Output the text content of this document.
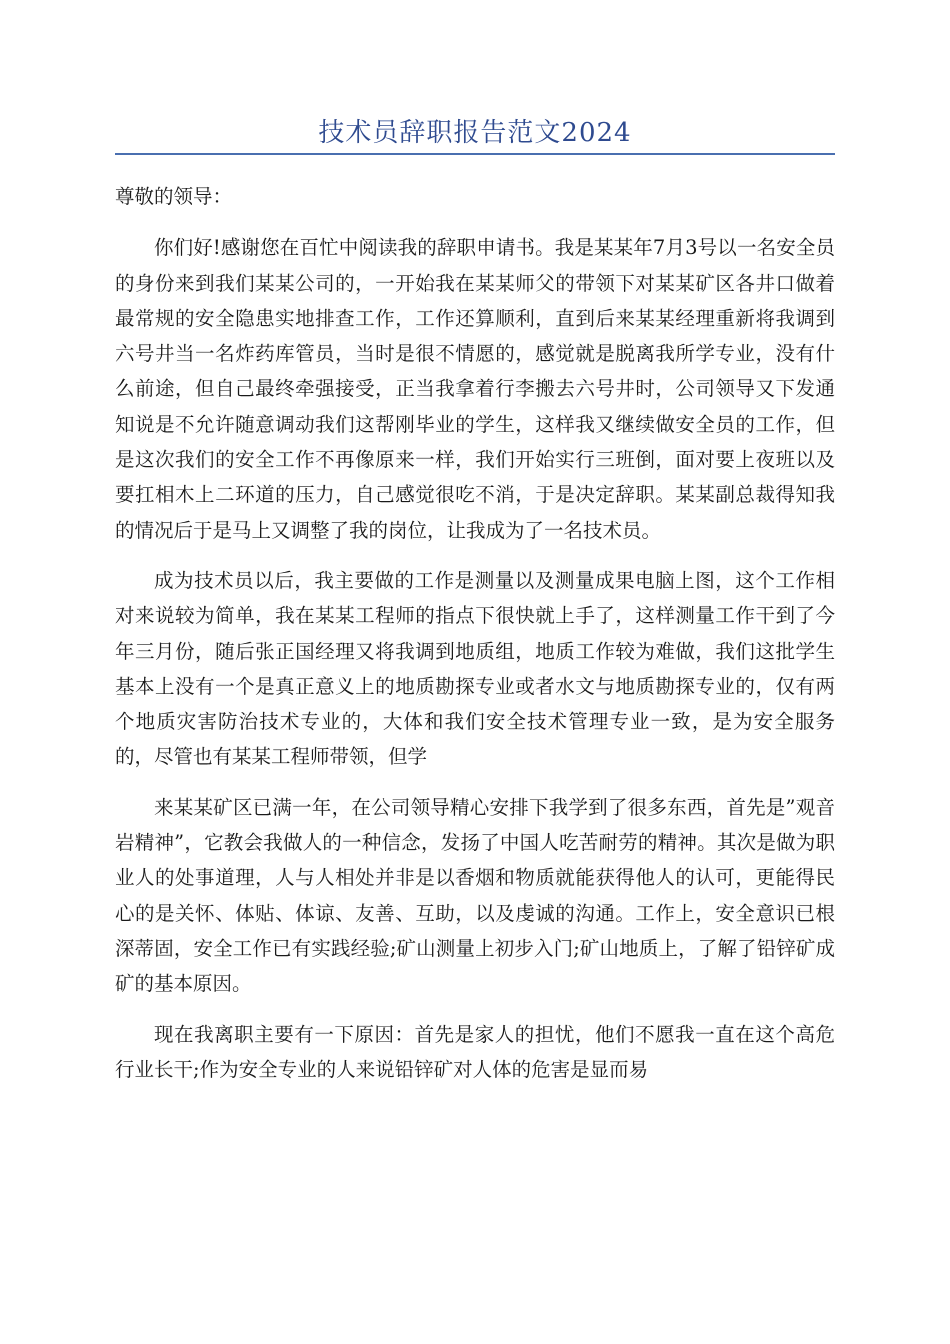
技术员辞职报告范文2024

尊敬的领导：

你们好!感谢您在百忙中阅读我的辞职申请书。我是某某年7月3号以一名安全员的身份来到我们某某公司的，一开始我在某某师父的带领下对某某矿区各井口做着最常规的安全隐患实地排查工作，工作还算顺利，直到后来某某经理重新将我调到六号井当一名炸药库管员，当时是很不情愿的，感觉就是脱离我所学专业，没有什么前途，但自己最终牵强接受，正当我拿着行李搬去六号井时，公司领导又下发通知说是不允许随意调动我们这帮刚毕业的学生，这样我又继续做安全员的工作，但是这次我们的安全工作不再像原来一样，我们开始实行三班倒，面对要上夜班以及要扛相木上二环道的压力，自己感觉很吃不消，于是决定辞职。某某副总裁得知我的情况后于是马上又调整了我的岗位，让我成为了一名技术员。

成为技术员以后，我主要做的工作是测量以及测量成果电脑上图，这个工作相对来说较为简单，我在某某工程师的指点下很快就上手了，这样测量工作干到了今年三月份，随后张正国经理又将我调到地质组，地质工作较为难做，我们这批学生基本上没有一个是真正意义上的地质勘探专业或者水文与地质勘探专业的，仅有两个地质灾害防治技术专业的，大体和我们安全技术管理专业一致，是为安全服务的，尽管也有某某工程师带领，但学

来某某矿区已满一年，在公司领导精心安排下我学到了很多东西，首先是”观音岩精神”，它教会我做人的一种信念，发扬了中国人吃苦耐劳的精神。其次是做为职业人的处事道理，人与人相处并非是以香烟和物质就能获得他人的认可，更能得民心的是关怀、体贴、体谅、友善、互助，以及虔诚的沟通。工作上，安全意识已根深蒂固，安全工作已有实践经验;矿山测量上初步入门;矿山地质上，了解了铅锌矿成矿的基本原因。

现在我离职主要有一下原因：首先是家人的担忧，他们不愿我一直在这个高危行业长干;作为安全专业的人来说铅锌矿对人体的危害是显而易
